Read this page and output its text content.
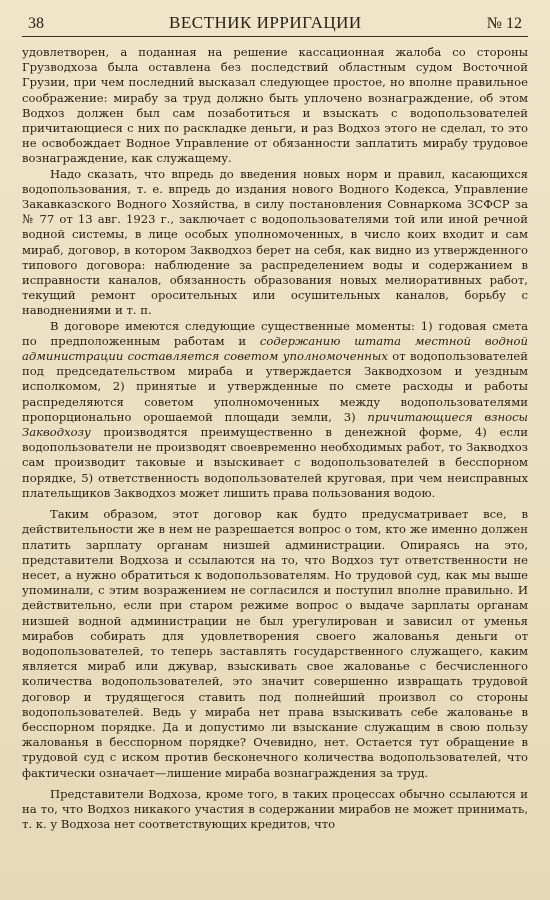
38	ВЕСТНИК ИРРИГАЦИИ	№ 12

удовлетворен, а поданная на решение кассационная жалоба со стороны Грузводхоза была оставлена без последствий областным судом Восточной Грузии, при чем последний высказал следующее простое, но вполне правильное соображение: мирабу за труд должно быть уплочено вознаграждение, об этом Водхоз должен был сам позаботиться и взыскать с водопользователей причитающиеся с них по раскладке деньги, и раз Водхоз этого не сделал, то это не освобождает Водное Управление от обязанности заплатить мирабу трудовое вознаграждение, как служащему.

Надо сказать, что впредь до введения новых норм и правил, касающихся водопользования, т. е. впредь до издания нового Водного Кодекса, Управление Закавказского Водного Хозяйства, в силу постановления Совнаркома ЗСФСР за № 77 от 13 авг. 1923 г., заключает с водопользователями той или иной речной водной системы, в лице особых уполномоченных, в число коих входит и сам мираб, договор, в котором Закводхоз берет на себя, как видно из утвержденного типового договора: наблюдение за распределением воды и содержанием в исправности каналов, обязанность образования новых мелиоративных работ, текущий ремонт оросительных или осушительных каналов, борьбу с наводнениями и т. п.

В договоре имеются следующие существенные моменты: 1) годовая смета по предположенным работам и содержанию штата местной водной администрации составляется советом уполномоченных от водопользователей под председательством мираба и утверждается Закводхозом и уездным исполкомом, 2) принятые и утвержденные по смете расходы и работы распределяются советом уполномоченных между водопользователями пропорционально орошаемой площади земли, 3) причитающиеся взносы Закводхозу производятся преимущественно в денежной форме, 4) если водопользователи не производят своевременно необходимых работ, то Закводхоз сам производит таковые и взыскивает с водопользователей в бесспорном порядке, 5) ответственность водопользователей круговая, при чем неисправных плательщиков Закводхоз может лишить права пользования водою.

Таким образом, этот договор как будто предусматривает все, в действительности же в нем не разрешается вопрос о том, кто же именно должен платить зарплату органам низшей администрации. Опираясь на это, представители Водхоза и ссылаются на то, что Водхоз тут ответственности не несет, а нужно обратиться к водопользователям. Но трудовой суд, как мы выше упоминали, с этим возражением не согласился и поступил вполне правильно. И действительно, если при старом режиме вопрос о выдаче зарплаты органам низшей водной администрации не был урегулирован и зависил от уменья мирабов собирать для удовлетворения своего жалованья деньги от водопользователей, то теперь заставлять государственного служащего, каким является мираб или джувар, взыскивать свое жалованье с бесчисленного количества водопользователей, это значит совершенно извращать трудовой договор и трудящегося ставить под полнейший произвол со стороны водопользователей. Ведь у мираба нет права взыскивать себе жалованье в бесспорном порядке. Да и допустимо ли взыскание служащим в свою пользу жалованья в бесспорном порядке? Очевидно, нет. Остается тут обращение в трудовой суд с иском против бесконечного количества водопользователей, что фактически означает—лишение мираба вознаграждения за труд.

Представители Водхоза, кроме того, в таких процессах обычно ссылаются и на то, что Водхоз никакого участия в содержании мирабов не может принимать, т. к. у Водхоза нет соответствующих кредитов, что
